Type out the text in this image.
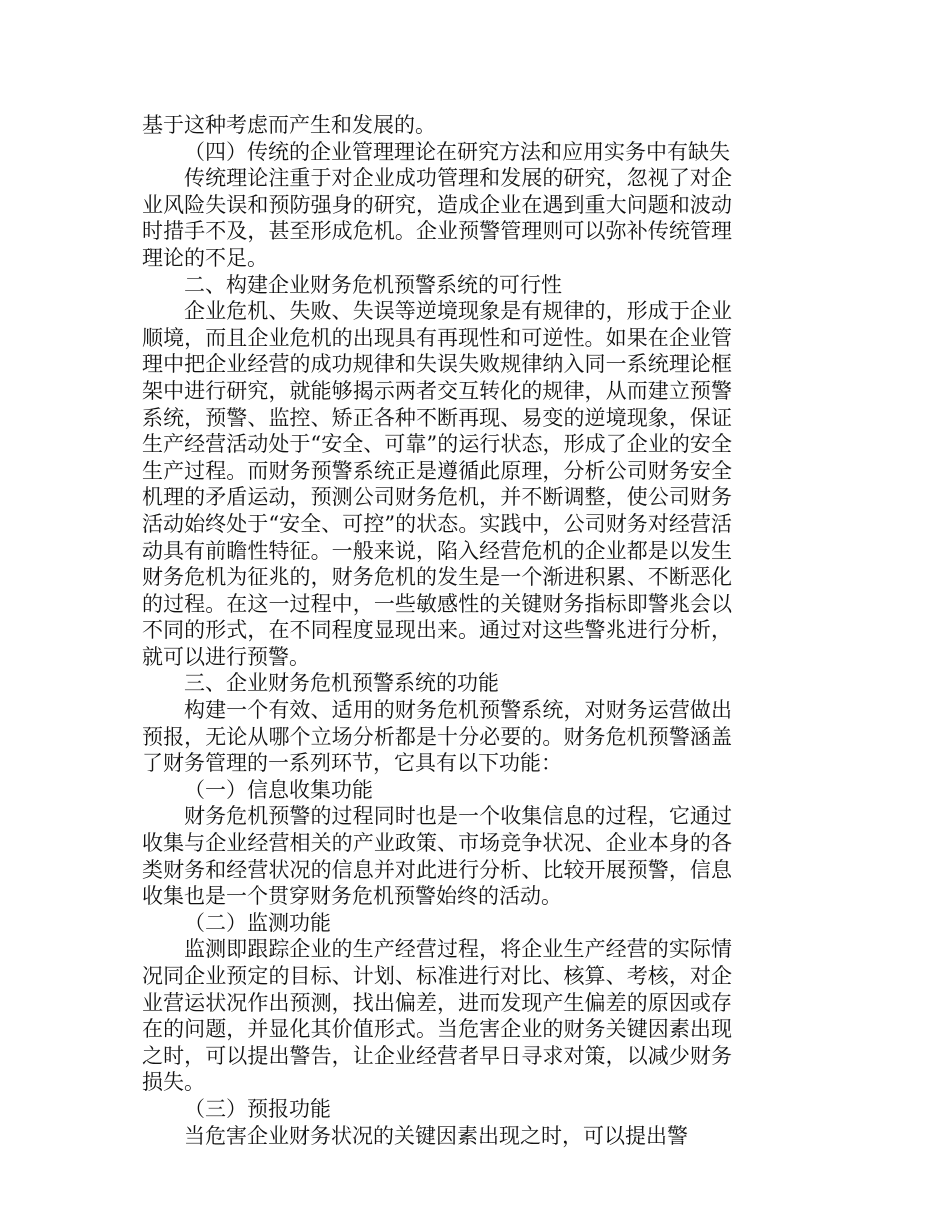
基于这种考虑而产生和发展的。

（四）传统的企业管理理论在研究方法和应用实务中有缺失

传统理论注重于对企业成功管理和发展的研究，忽视了对企业风险失误和预防强身的研究，造成企业在遇到重大问题和波动时措手不及，甚至形成危机。企业预警管理则可以弥补传统管理理论的不足。

二、构建企业财务危机预警系统的可行性

企业危机、失败、失误等逆境现象是有规律的，形成于企业顺境，而且企业危机的出现具有再现性和可逆性。如果在企业管理中把企业经营的成功规律和失误失败规律纳入同一系统理论框架中进行研究，就能够揭示两者交互转化的规律，从而建立预警系统，预警、监控、矫正各种不断再现、易变的逆境现象，保证生产经营活动处于“安全、可靠”的运行状态，形成了企业的安全生产过程。而财务预警系统正是遵循此原理，分析公司财务安全机理的矛盾运动，预测公司财务危机，并不断调整，使公司财务活动始终处于“安全、可控”的状态。实践中，公司财务对经营活动具有前瞻性特征。一般来说，陷入经营危机的企业都是以发生财务危机为征兆的，财务危机的发生是一个渐进积累、不断恶化的过程。在这一过程中，一些敏感性的关键财务指标即警兆会以不同的形式，在不同程度显现出来。通过对这些警兆进行分析，就可以进行预警。

三、企业财务危机预警系统的功能

构建一个有效、适用的财务危机预警系统，对财务运营做出预报，无论从哪个立场分析都是十分必要的。财务危机预警涵盖了财务管理的一系列环节，它具有以下功能：

（一）信息收集功能

财务危机预警的过程同时也是一个收集信息的过程，它通过收集与企业经营相关的产业政策、市场竞争状况、企业本身的各类财务和经营状况的信息并对此进行分析、比较开展预警，信息收集也是一个贯穿财务危机预警始终的活动。

（二）监测功能

监测即跟踪企业的生产经营过程，将企业生产经营的实际情况同企业预定的目标、计划、标准进行对比、核算、考核，对企业营运状况作出预测，找出偏差，进而发现产生偏差的原因或存在的问题，并显化其价值形式。当危害企业的财务关键因素出现之时，可以提出警告，让企业经营者早日寻求对策，以减少财务损失。

（三）预报功能

当危害企业财务状况的关键因素出现之时，可以提出警
